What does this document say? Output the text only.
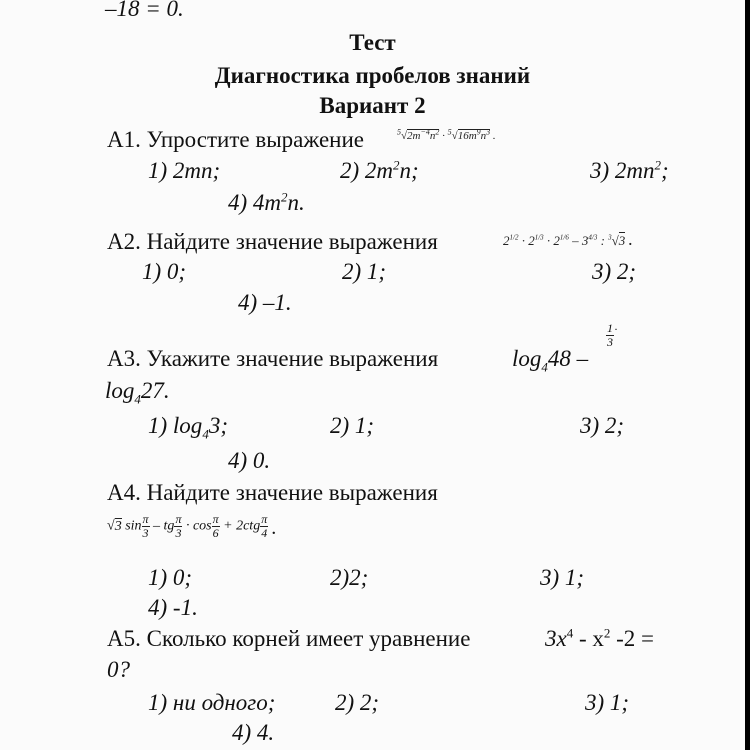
–18 = 0.
Тест
Диагностика пробелов знаний
Вариант 2
А1. Упростите выражение	$^5√2m^{-4}n^2 \cdot ^5√16m^9n^3$ .
1) 2mn;	2) $2m^2n$;	3) $2mn^2$;
4) $4m^2n$.
А2. Найдите значение выражения	$2^{1/2} \cdot 2^{1/3} \cdot 2^{1/6} - 3^{4/3}$ : $^3$√3 .
1) 0;	2) 1;	3) 2;
4) –1.
А3. Укажите значение выражения	$\log_448$ –
$\frac{1}{3} ^\cdot$
$\log_427$.
1) $\log_43$;	2) 1;	3) 2;
4) 0.
А4. Найдите значение выражения
√3 $\sin \frac{\pi}{3}$ – tg $\frac{\pi}{3} \cdot \cos \frac{\pi}{6} + 2ctg \frac{\pi}{4}$ .
1) 0;	2)2;	3) 1;
4) -1.
А5. Сколько корней имеет уравнение	$3x^4 - x^2$ -2 =
0?
1) ни одного;	2) 2;	3) 1;
4) 4.
